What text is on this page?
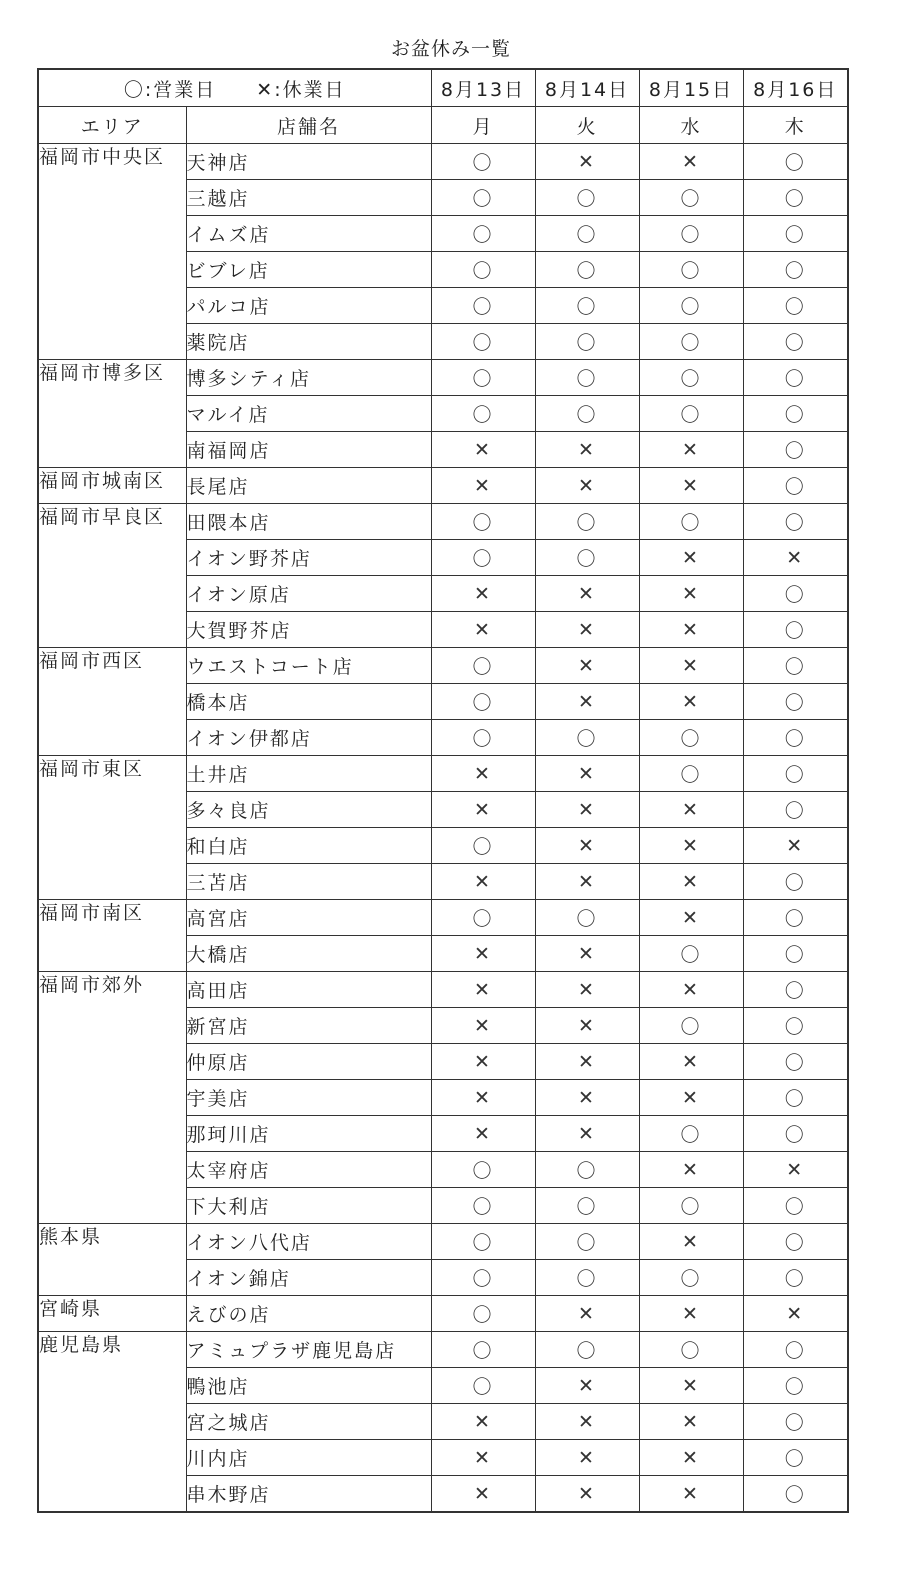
お盆休み一覧
〇:営業日 ✕:休業日		8月13日	8月14日	8月15日	8月16日
エリア	店舗名	月	火	水	木
福岡市中央区	天神店	〇	✕	✕	〇
	三越店	〇	〇	〇	〇
	イムズ店	〇	〇	〇	〇
	ビブレ店	〇	〇	〇	〇
	パルコ店	〇	〇	〇	〇
	薬院店	〇	〇	〇	〇
福岡市博多区	博多シティ店	〇	〇	〇	〇
	マルイ店	〇	〇	〇	〇
	南福岡店	✕	✕	✕	〇
福岡市城南区	長尾店	✕	✕	✕	〇
福岡市早良区	田隈本店	〇	〇	〇	〇
	イオン野芥店	〇	〇	✕	✕
	イオン原店	✕	✕	✕	〇
	大賀野芥店	✕	✕	✕	〇
福岡市西区	ウエストコート店	〇	✕	✕	〇
	橋本店	〇	✕	✕	〇
	イオン伊都店	〇	〇	〇	〇
福岡市東区	土井店	✕	✕	〇	〇
	多々良店	✕	✕	✕	〇
	和白店	〇	✕	✕	✕
	三苫店	✕	✕	✕	〇
福岡市南区	高宮店	〇	〇	✕	〇
	大橋店	✕	✕	〇	〇
福岡市郊外	高田店	✕	✕	✕	〇
	新宮店	✕	✕	〇	〇
	仲原店	✕	✕	✕	〇
	宇美店	✕	✕	✕	〇
	那珂川店	✕	✕	〇	〇
	太宰府店	〇	〇	✕	✕
	下大利店	〇	〇	〇	〇
熊本県	イオン八代店	〇	〇	✕	〇
	イオン錦店	〇	〇	〇	〇
宮崎県	えびの店	〇	✕	✕	✕
鹿児島県	アミュプラザ鹿児島店	〇	〇	〇	〇
	鴨池店	〇	✕	✕	〇
	宮之城店	✕	✕	✕	〇
	川内店	✕	✕	✕	〇
	串木野店	✕	✕	✕	〇
